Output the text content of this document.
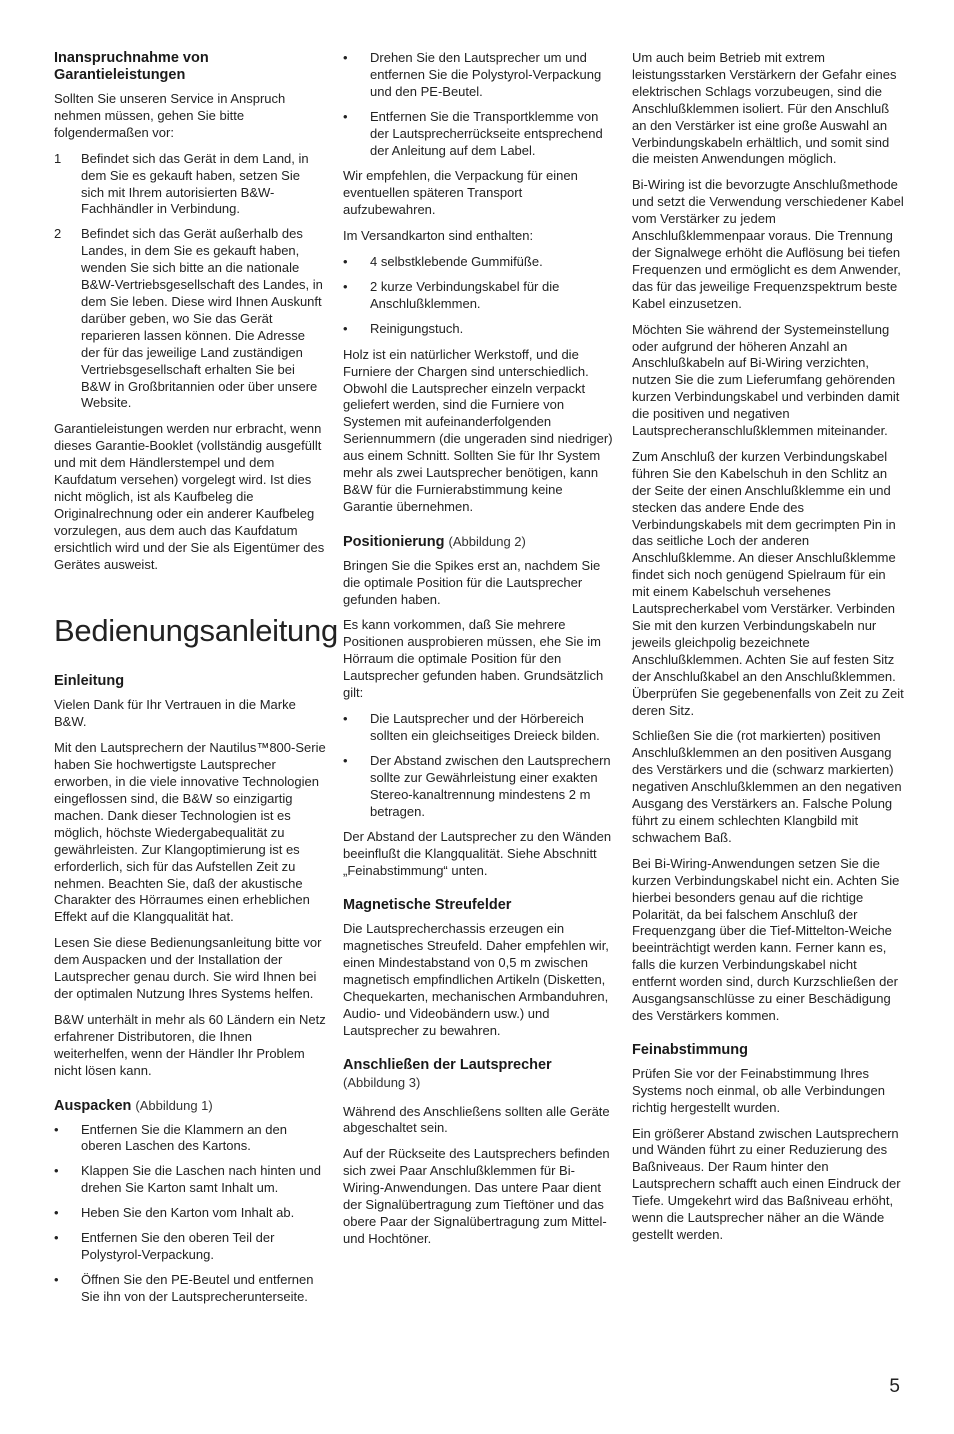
Inanspruchnahme von Garantieleistungen

Sollten Sie unseren Service in Anspruch nehmen müssen, gehen Sie bitte folgendermaßen vor:

1 Befindet sich das Gerät in dem Land, in dem Sie es gekauft haben, setzen Sie sich mit Ihrem autorisierten B&W-Fachhändler in Verbindung.
2 Befindet sich das Gerät außerhalb des Landes, in dem Sie es gekauft haben, wenden Sie sich bitte an die nationale B&W-Vertriebsgesellschaft des Landes, in dem Sie leben. Diese wird Ihnen Auskunft darüber geben, wo Sie das Gerät reparieren lassen können. Die Adresse der für das jeweilige Land zuständigen Vertriebsgesellschaft erhalten Sie bei B&W in Großbritannien oder über unsere Website.

Garantieleistungen werden nur erbracht, wenn dieses Garantie-Booklet (vollständig ausgefüllt und mit dem Händlerstempel und dem Kaufdatum versehen) vorgelegt wird. Ist dies nicht möglich, ist als Kaufbeleg die Originalrechnung oder ein anderer Kaufbeleg vorzulegen, aus dem auch das Kaufdatum ersichtlich wird und der Sie als Eigentümer des Gerätes ausweist.

Bedienungsanleitung
Einleitung

Vielen Dank für Ihr Vertrauen in die Marke B&W.

Mit den Lautsprechern der Nautilus™800-Serie haben Sie hochwertigste Lautsprecher erworben, in die viele innovative Technologien eingeflossen sind, die B&W so einzigartig machen. Dank dieser Technologien ist es möglich, höchste Wiedergabequalität zu gewährleisten. Zur Klangoptimierung ist es erforderlich, sich für das Aufstellen Zeit zu nehmen. Beachten Sie, daß der akustische Charakter des Hörraumes einen erheblichen Effekt auf die Klangqualität hat.

Lesen Sie diese Bedienungsanleitung bitte vor dem Auspacken und der Installation der Lautsprecher genau durch. Sie wird Ihnen bei der optimalen Nutzung Ihres Systems helfen.

B&W unterhält in mehr als 60 Ländern ein Netz erfahrener Distributoren, die Ihnen weiterhelfen, wenn der Händler Ihr Problem nicht lösen kann.

Auspacken (Abbildung 1)
• Entfernen Sie die Klammern an den oberen Laschen des Kartons.
• Klappen Sie die Laschen nach hinten und drehen Sie Karton samt Inhalt um.
• Heben Sie den Karton vom Inhalt ab.
• Entfernen Sie den oberen Teil der Polystyrol-Verpackung.
• Öffnen Sie den PE-Beutel und entfernen Sie ihn von der Lautsprecherunterseite.
• Drehen Sie den Lautsprecher um und entfernen Sie die Polystyrol-Verpackung und den PE-Beutel.
• Entfernen Sie die Transportklemme von der Lautsprecherrückseite entsprechend der Anleitung auf dem Label.

Wir empfehlen, die Verpackung für einen eventuellen späteren Transport aufzubewahren.

Im Versandkarton sind enthalten:

• 4 selbstklebende Gummifüße.
• 2 kurze Verbindungskabel für die Anschlußklemmen.
• Reinigungstuch.

Holz ist ein natürlicher Werkstoff, und die Furniere der Chargen sind unterschiedlich. Obwohl die Lautsprecher einzeln verpackt geliefert werden, sind die Furniere von Systemen mit aufeinanderfolgenden Seriennummern (die ungeraden sind niedriger) aus einem Schnitt. Sollten Sie für Ihr System mehr als zwei Lautsprecher benötigen, kann B&W für die Furnierabstimmung keine Garantie übernehmen.

Positionierung (Abbildung 2)

Bringen Sie die Spikes erst an, nachdem Sie die optimale Position für die Lautsprecher gefunden haben.

Es kann vorkommen, daß Sie mehrere Positionen ausprobieren müssen, ehe Sie im Hörraum die optimale Position für den Lautsprecher gefunden haben. Grundsätzlich gilt:

• Die Lautsprecher und der Hörbereich sollten ein gleichseitiges Dreieck bilden.
• Der Abstand zwischen den Lautsprechern sollte zur Gewährleistung einer exakten Stereo-kanaltrennung mindestens 2 m betragen.

Der Abstand der Lautsprecher zu den Wänden beeinflußt die Klangqualität. Siehe Abschnitt „Feinabstimmung“ unten.

Magnetische Streufelder

Die Lautsprecherchassis erzeugen ein magnetisches Streufeld. Daher empfehlen wir, einen Mindestabstand von 0,5 m zwischen magnetisch empfindlichen Artikeln (Disketten, Chequekarten, mechanischen Armbanduhren, Audio- und Videobändern usw.) und Lautsprecher zu bewahren.

Anschließen der Lautsprecher
(Abbildung 3)

Während des Anschließens sollten alle Geräte abgeschaltet sein.

Auf der Rückseite des Lautsprechers befinden sich zwei Paar Anschlußklemmen für Bi-Wiring-Anwendungen. Das untere Paar dient der Signalübertragung zum Tieftöner und das obere Paar der Signalübertragung zum Mittel- und Hochtöner.

Um auch beim Betrieb mit extrem leistungsstarken Verstärkern der Gefahr eines elektrischen Schlags vorzubeugen, sind die Anschlußklemmen isoliert. Für den Anschluß an den Verstärker ist eine große Auswahl an Verbindungskabeln erhältlich, und somit sind die meisten Anwendungen möglich.

Bi-Wiring ist die bevorzugte Anschlußmethode und setzt die Verwendung verschiedener Kabel vom Verstärker zu jedem Anschlußklemmenpaar voraus. Die Trennung der Signalwege erhöht die Auflösung bei tiefen Frequenzen und ermöglicht es dem Anwender, das für das jeweilige Frequenzspektrum beste Kabel einzusetzen.

Möchten Sie während der Systemeinstellung oder aufgrund der höheren Anzahl an Anschlußkabeln auf Bi-Wiring verzichten, nutzen Sie die zum Lieferumfang gehörenden kurzen Verbindungskabel und verbinden damit die positiven und negativen Lautsprecheranschlußklemmen miteinander.

Zum Anschluß der kurzen Verbindungskabel führen Sie den Kabelschuh in den Schlitz an der Seite der einen Anschlußklemme ein und stecken das andere Ende des Verbindungskabels mit dem gecrimpten Pin in das seitliche Loch der anderen Anschlußklemme. An dieser Anschlußklemme findet sich noch genügend Spielraum für ein mit einem Kabelschuh versehenes Lautsprecherkabel vom Verstärker. Verbinden Sie mit den kurzen Verbindungskabeln nur jeweils gleichpolig bezeichnete Anschlußklemmen. Achten Sie auf festen Sitz der Anschlußkabel an den Anschlußklemmen. Überprüfen Sie gegebenenfalls von Zeit zu Zeit deren Sitz.

Schließen Sie die (rot markierten) positiven Anschlußklemmen an den positiven Ausgang des Verstärkers und die (schwarz markierten) negativen Anschlußklemmen an den negativen Ausgang des Verstärkers an. Falsche Polung führt zu einem schlechten Klangbild mit schwachem Baß.

Bei Bi-Wiring-Anwendungen setzen Sie die kurzen Verbindungskabel nicht ein. Achten Sie hierbei besonders genau auf die richtige Polarität, da bei falschem Anschluß der Frequenzgang über die Tief-Mittelton-Weiche beeinträchtigt werden kann. Ferner kann es, falls die kurzen Verbindungskabel nicht entfernt worden sind, durch Kurzschließen der Ausgangsanschlüsse zu einer Beschädigung des Verstärkers kommen.

Feinabstimmung

Prüfen Sie vor der Feinabstimmung Ihres Systems noch einmal, ob alle Verbindungen richtig hergestellt wurden.

Ein größerer Abstand zwischen Lautsprechern und Wänden führt zu einer Reduzierung des Baßniveaus. Der Raum hinter den Lautsprechern schafft auch einen Eindruck der Tiefe. Umgekehrt wird das Baßniveau erhöht, wenn die Lautsprecher näher an die Wände gestellt werden.

5
